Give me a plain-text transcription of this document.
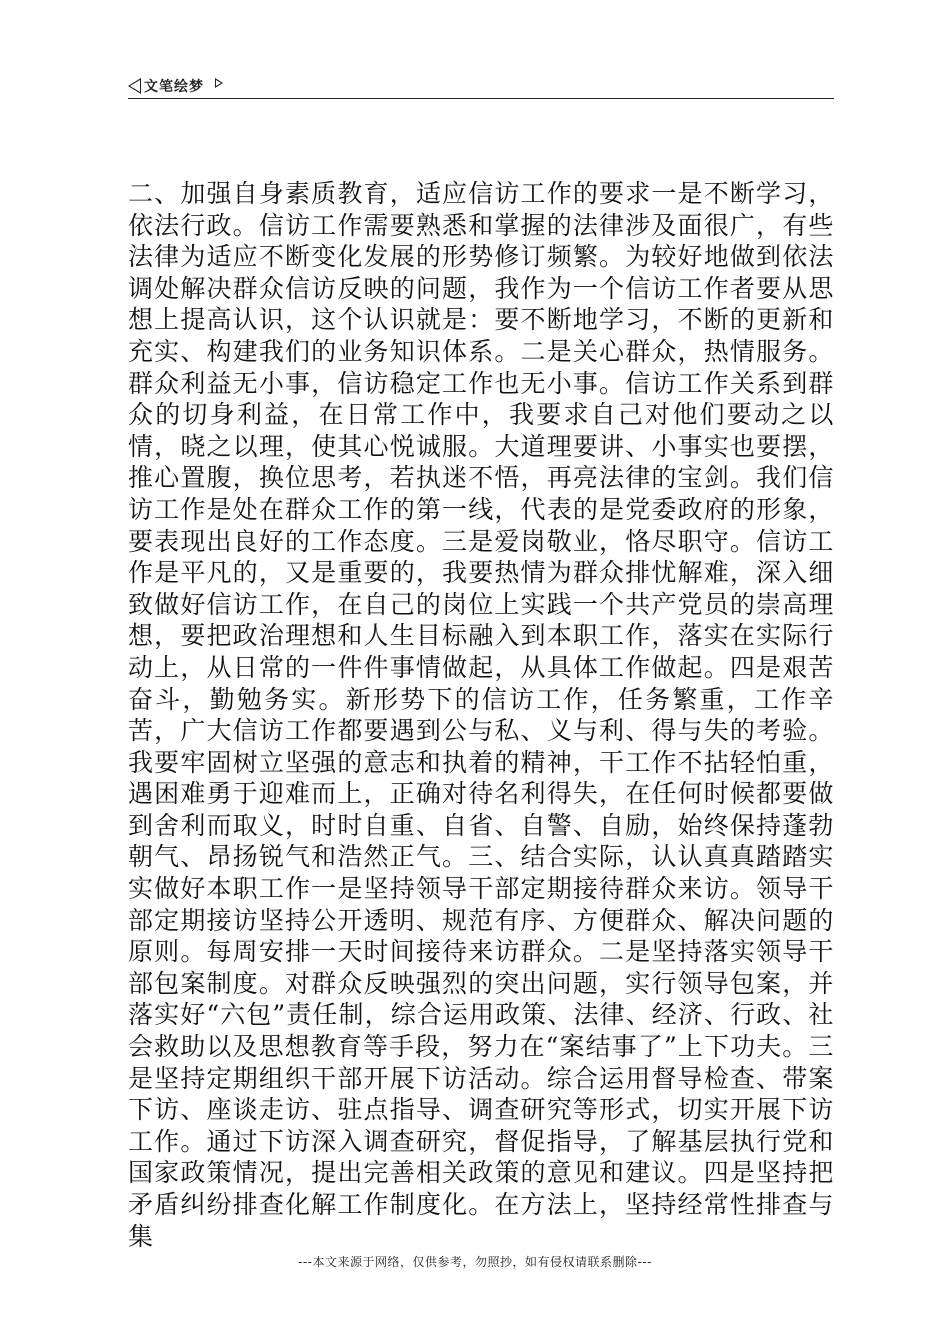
文笔绘梦

二、加强自身素质教育，适应信访工作的要求一是不断学习，依法行政。信访工作需要熟悉和掌握的法律涉及面很广，有些法律为适应不断变化发展的形势修订频繁。为较好地做到依法调处解决群众信访反映的问题，我作为一个信访工作者要从思想上提高认识，这个认识就是：要不断地学习，不断的更新和充实、构建我们的业务知识体系。二是关心群众，热情服务。群众利益无小事，信访稳定工作也无小事。信访工作关系到群众的切身利益，在日常工作中，我要求自己对他们要动之以情，晓之以理，使其心悦诚服。大道理要讲、小事实也要摆，推心置腹，换位思考，若执迷不悟，再亮法律的宝剑。我们信访工作是处在群众工作的第一线，代表的是党委政府的形象，要表现出良好的工作态度。三是爱岗敬业，恪尽职守。信访工作是平凡的，又是重要的，我要热情为群众排忧解难，深入细致做好信访工作，在自己的岗位上实践一个共产党员的崇高理想，要把政治理想和人生目标融入到本职工作，落实在实际行动上，从日常的一件件事情做起，从具体工作做起。四是艰苦奋斗，勤勉务实。新形势下的信访工作，任务繁重，工作辛苦，广大信访工作都要遇到公与私、义与利、得与失的考验。我要牢固树立坚强的意志和执着的精神，干工作不拈轻怕重，遇困难勇于迎难而上，正确对待名利得失，在任何时候都要做到舍利而取义，时时自重、自省、自警、自励，始终保持蓬勃朝气、昂扬锐气和浩然正气。三、结合实际，认认真真踏踏实实做好本职工作一是坚持领导干部定期接待群众来访。领导干部定期接访坚持公开透明、规范有序、方便群众、解决问题的原则。每周安排一天时间接待来访群众。二是坚持落实领导干部包案制度。对群众反映强烈的突出问题，实行领导包案，并落实好“六包”责任制，综合运用政策、法律、经济、行政、社会救助以及思想教育等手段，努力在“案结事了”上下功夫。三是坚持定期组织干部开展下访活动。综合运用督导检查、带案下访、座谈走访、驻点指导、调查研究等形式，切实开展下访工作。通过下访深入调查研究，督促指导，了解基层执行党和国家政策情况，提出完善相关政策的意见和建议。四是坚持把矛盾纠纷排查化解工作制度化。在方法上，坚持经常性排查与集

---本文来源于网络，仅供参考，勿照抄，如有侵权请联系删除---
